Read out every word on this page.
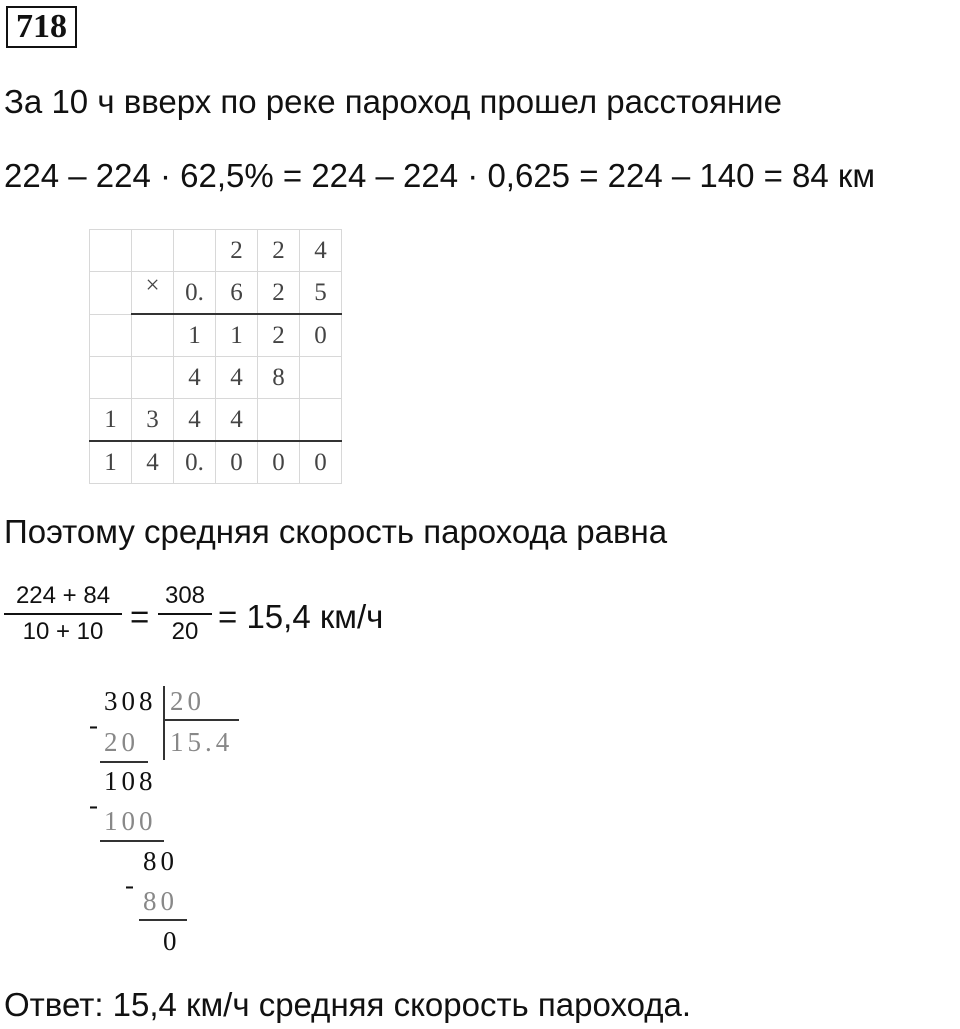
718
За 10 ч вверх по реке пароход прошел расстояние
224 – 224 · 62,5% = 224 – 224 · 0,625 = 224 – 140 = 84 км
			2	2	4
	×	0.	6	2	5
		1	1	2	0
		4	4	8	
1	3	4	4		
1	4	0.	0	0	0
Поэтому средняя скорость парохода равна
224 + 84
10 + 10 =
308
20 = 15,4 км/ч
308 20
15.4
-
20
108
-
100
80
-
80
0
Ответ: 15,4 км/ч средняя скорость парохода.
